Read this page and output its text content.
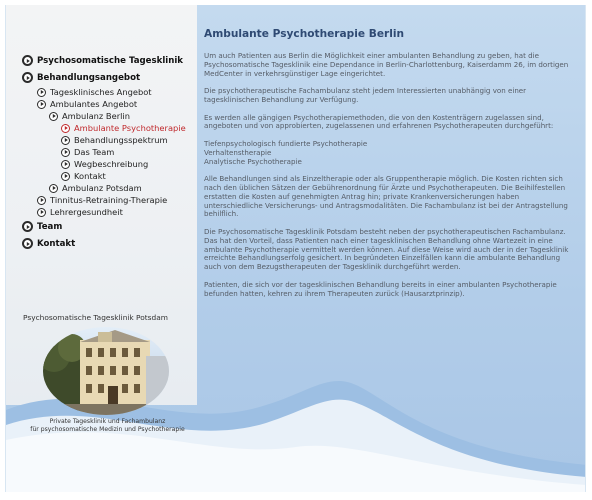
Ambulante Psychotherapie Berlin

Um auch Patienten aus Berlin die Möglichkeit einer ambulanten Behandlung zu geben, hat die Psychosomatische Tagesklinik eine Dependance in Berlin-Charlottenburg, Kaiserdamm 26, im dortigen MedCenter in verkehrsgünstiger Lage eingerichtet.

Die psychotherapeutische Fachambulanz steht jedem Interessierten unabhängig von einer tagesklinischen Behandlung zur Verfügung.

Es werden alle gängigen Psychotherapiemethoden, die von den Kostenträgern zugelassen sind, angeboten und von approbierten, zugelassenen und erfahrenen Psychotherapeuten durchgeführt:

Tiefenpsychologisch fundierte Psychotherapie
Verhaltenstherapie
Analytische Psychotherapie

Alle Behandlungen sind als Einzeltherapie oder als Gruppentherapie möglich. Die Kosten richten sich nach den üblichen Sätzen der Gebührenordnung für Ärzte und Psychotherapeuten. Die Beihilfestellen erstatten die Kosten auf genehmigten Antrag hin; private Krankenversicherungen haben unterschiedliche Versicherungs- und Antragsmodalitäten. Die Fachambulanz ist bei der Antragstellung behilflich.

Die Psychosomatische Tagesklinik Potsdam besteht neben der psychotherapeutischen Fachambulanz. Das hat den Vorteil, dass Patienten nach einer tagesklinischen Behandlung ohne Wartezeit in eine ambulante Psychotherapie vermittelt werden können. Auf diese Weise wird auch der in der Tagesklinik erreichte Behandlungserfolg gesichert. In begründeten Einzelfällen kann die ambulante Behandlung auch von dem Bezugstherapeuten der Tagesklinik durchgeführt werden.

Patienten, die sich vor der tagesklinischen Behandlung bereits in einer ambulanten Psychotherapie befunden hatten, kehren zu ihrem Therapeuten zurück (Hausarztprinzip).

Psychosomatische Tagesklinik
Behandlungsangebot
Tagesklinisches Angebot
Ambulantes Angebot
Ambulanz Berlin
Ambulante Psychotherapie
Behandlungsspektrum
Das Team
Wegbeschreibung
Kontakt
Ambulanz Potsdam
Tinnitus-Retraining-Therapie
Lehrergesundheit
Team
Kontakt
Psychosomatische Tagesklinik Potsdam
Private Tagesklinik und Fachambulanz
für psychosomatische Medizin und Psychotherapie
